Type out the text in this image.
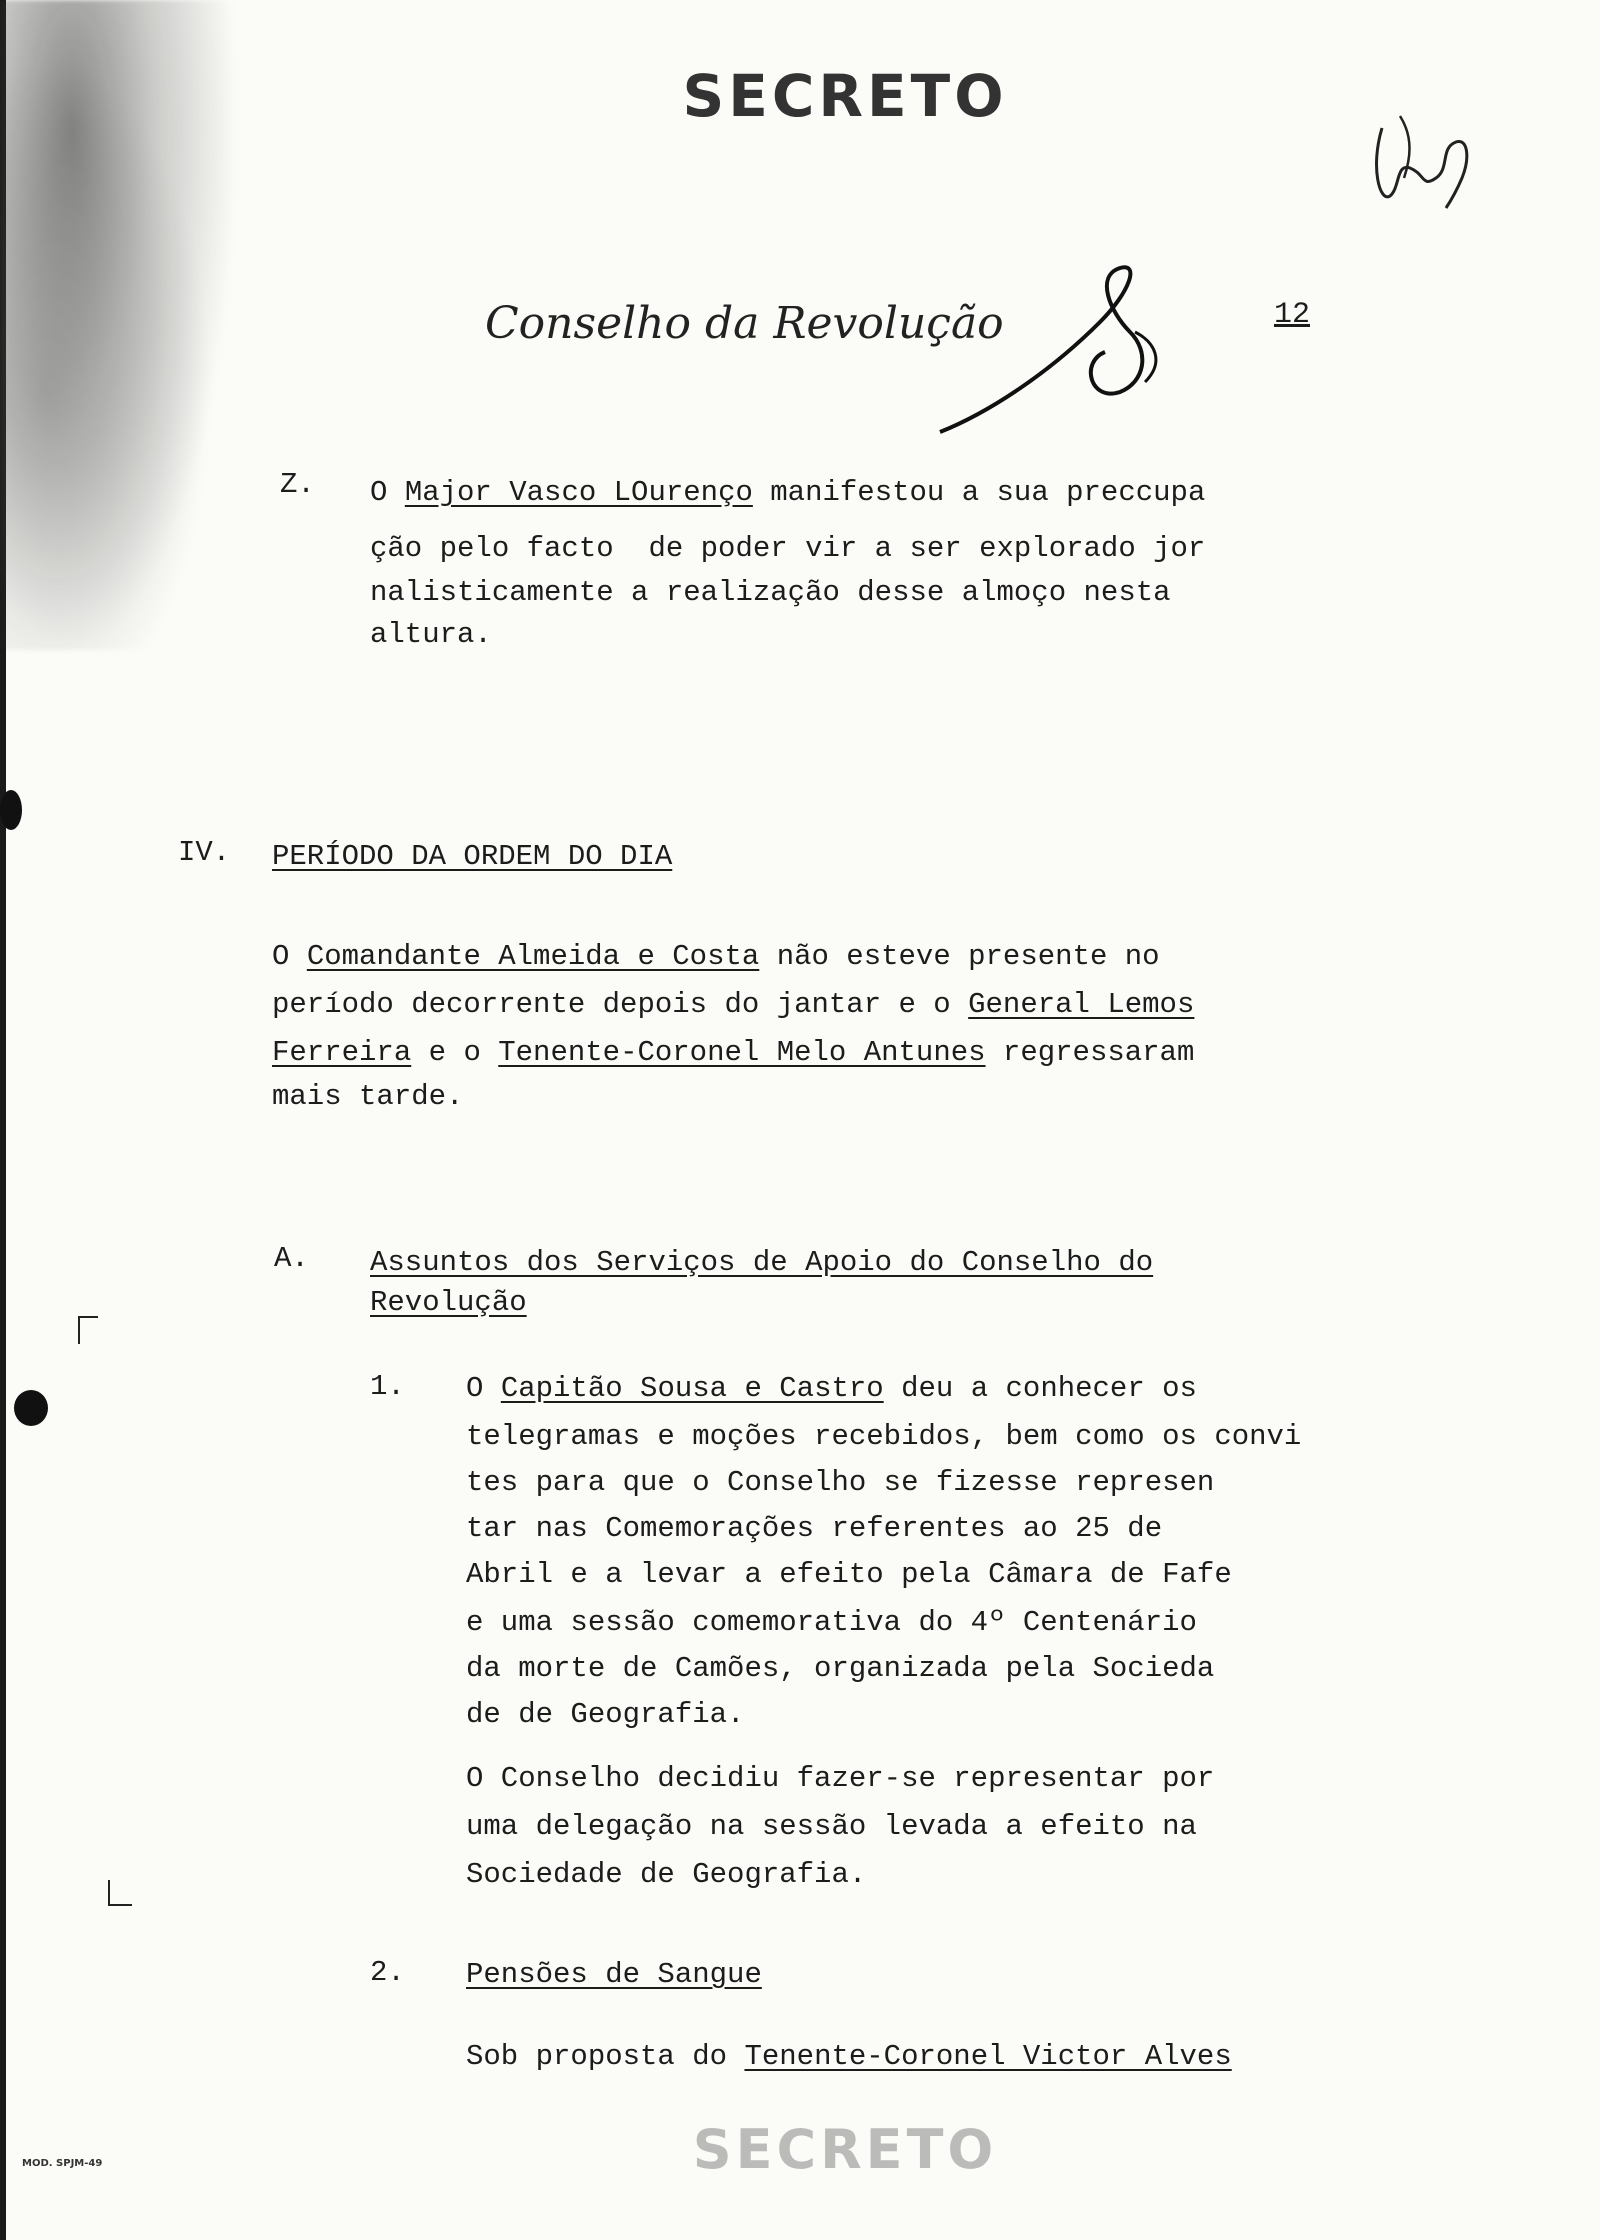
SECRETO
Conselho da Revolução	12
Z. O Major Vasco LOurenço manifestou a sua preccupa
ção pelo facto  de poder vir a ser explorado jor
nalisticamente a realização desse almoço nesta
altura.
IV. PERÍODO DA ORDEM DO DIA
O Comandante Almeida e Costa não esteve presente no
período decorrente depois do jantar e o General Lemos
Ferreira e o Tenente-Coronel Melo Antunes regressaram
mais tarde.
A. Assuntos dos Serviços de Apoio do Conselho do
Revolução
1. O Capitão Sousa e Castro deu a conhecer os
telegramas e moções recebidos, bem como os convi
tes para que o Conselho se fizesse represen
tar nas Comemorações referentes ao 25 de
Abril e a levar a efeito pela Câmara de Fafe
e uma sessão comemorativa do 4º Centenário
da morte de Camões, organizada pela Socieda
de de Geografia.
O Conselho decidiu fazer-se representar por
uma delegação na sessão levada a efeito na
Sociedade de Geografia.
2. Pensões de Sangue
Sob proposta do Tenente-Coronel Victor Alves
SECRETO
MOD. SPJM-49
